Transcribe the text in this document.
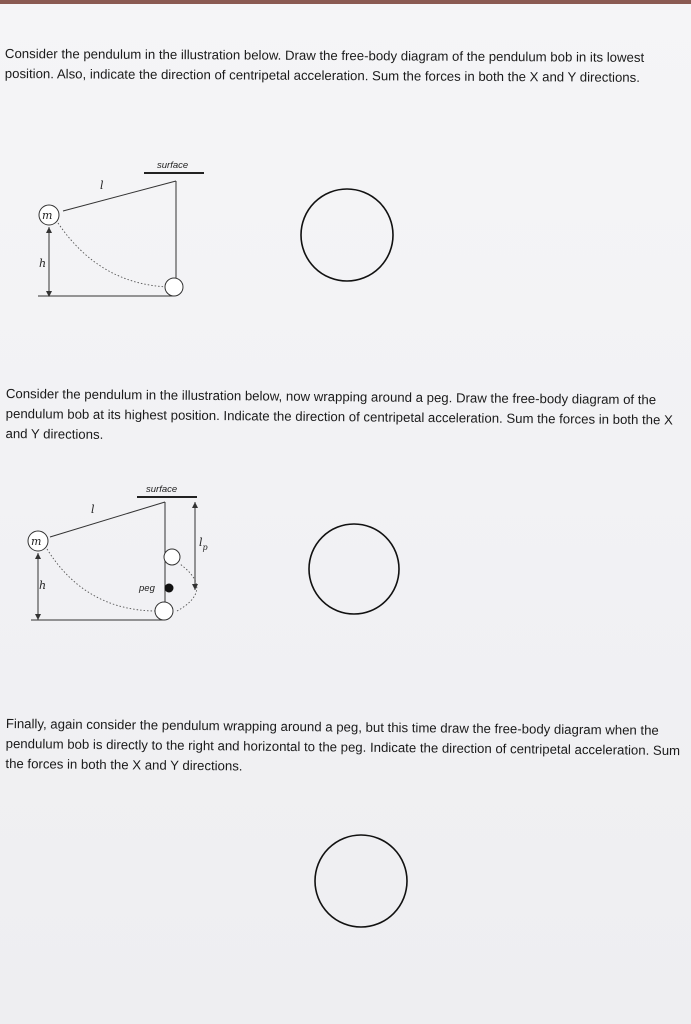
Consider the pendulum in the illustration below. Draw the free-body diagram of the pendulum bob in its lowest position. Also, indicate the direction of centripetal acceleration. Sum the forces in both the X and Y directions.

surface
l
m
h

Consider the pendulum in the illustration below, now wrapping around a peg. Draw the free-body diagram of the pendulum bob at its highest position. Indicate the direction of centripetal acceleration. Sum the forces in both the X and Y directions.

surface
l
m
peg
$l_p$
h

Finally, again consider the pendulum wrapping around a peg, but this time draw the free-body diagram when the pendulum bob is directly to the right and horizontal to the peg. Indicate the direction of centripetal acceleration. Sum the forces in both the X and Y directions.
